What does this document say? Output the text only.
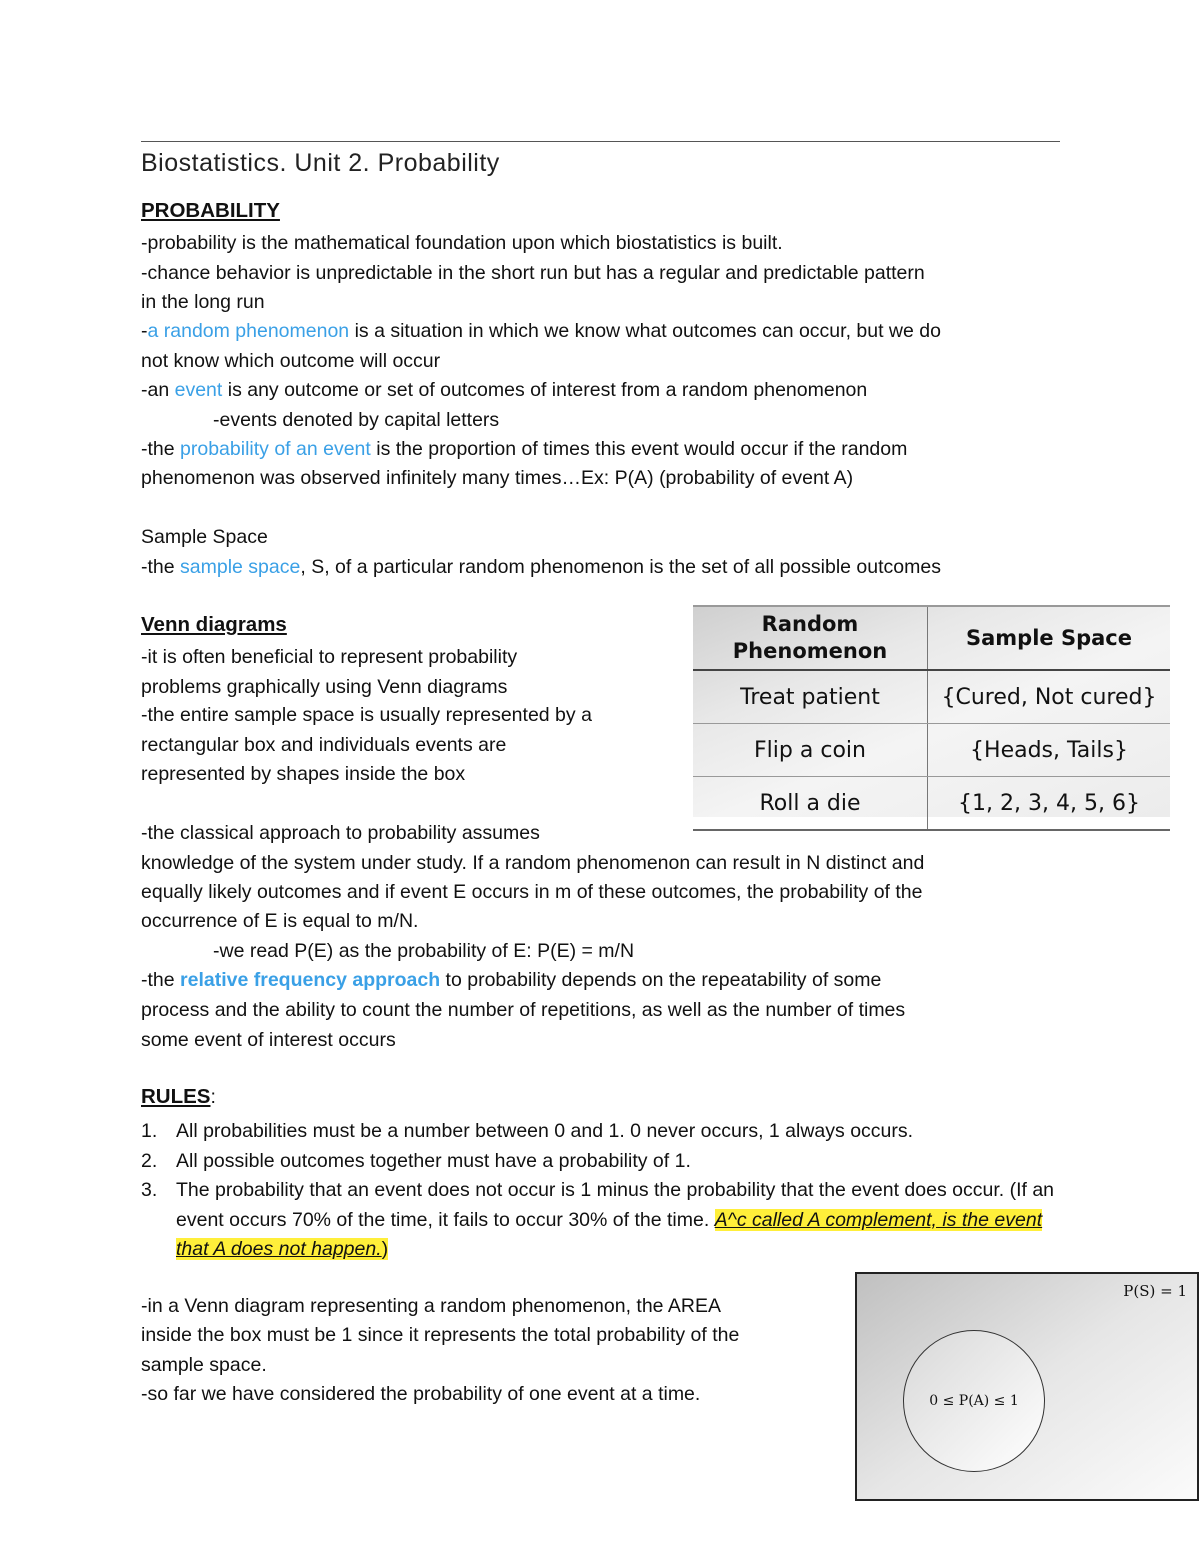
Biostatistics. Unit 2. Probability
PROBABILITY
-probability is the mathematical foundation upon which biostatistics is built.
-chance behavior is unpredictable in the short run but has a regular and predictable pattern
in the long run
-a random phenomenon is a situation in which we know what outcomes can occur, but we do
not know which outcome will occur
-an event is any outcome or set of outcomes of interest from a random phenomenon
-events denoted by capital letters
-the probability of an event is the proportion of times this event would occur if the random
phenomenon was observed infinitely many times…Ex: P(A) (probability of event A)
Sample Space
-the sample space, S, of a particular random phenomenon is the set of all possible outcomes
Venn diagrams
-it is often beneficial to represent probability
problems graphically using Venn diagrams
-the entire sample space is usually represented by a
rectangular box and individuals events are
represented by shapes inside the box
Random
Phenomenon	Sample Space
Treat patient	{Cured, Not cured}
Flip a coin	{Heads, Tails}
Roll a die	{1, 2, 3, 4, 5, 6}
-the classical approach to probability assumes
knowledge of the system under study. If a random phenomenon can result in N distinct and
equally likely outcomes and if event E occurs in m of these outcomes, the probability of the
occurrence of E is equal to m/N.
-we read P(E) as the probability of E: P(E) = m/N
-the relative frequency approach to probability depends on the repeatability of some
process and the ability to count the number of repetitions, as well as the number of times
some event of interest occurs
RULES:
1. All probabilities must be a number between 0 and 1. 0 never occurs, 1 always occurs.
2. All possible outcomes together must have a probability of 1.
3. The probability that an event does not occur is 1 minus the probability that the event does occur. (If an event occurs 70% of the time, it fails to occur 30% of the time. A^c called A complement, is the event that A does not happen.)
-in a Venn diagram representing a random phenomenon, the AREA
inside the box must be 1 since it represents the total probability of the
sample space.
-so far we have considered the probability of one event at a time.
P(S) = 1
0 ≤ P(A) ≤ 1
